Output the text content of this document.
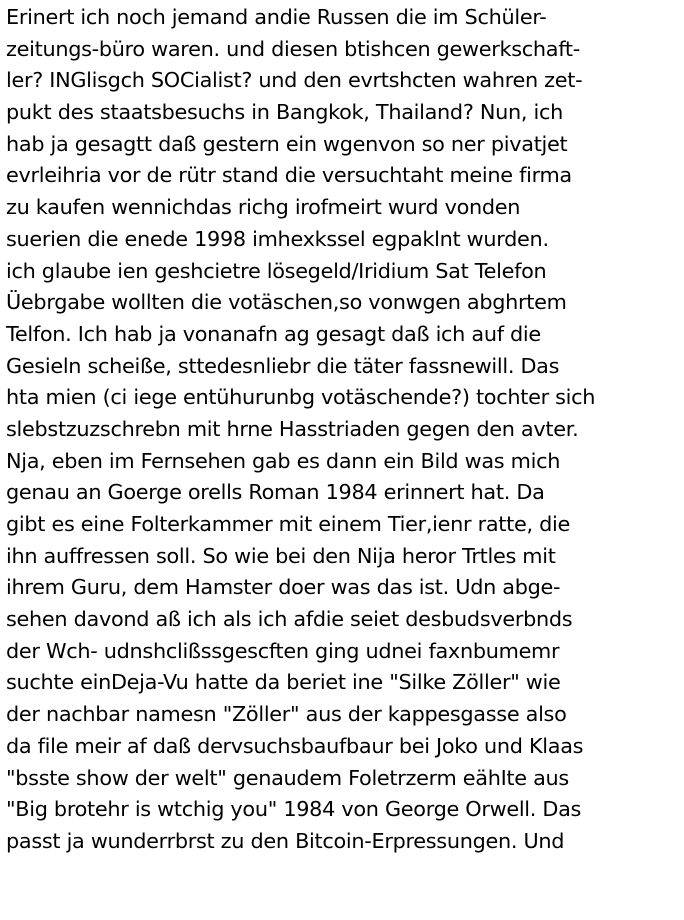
Erinert ich noch jemand andie Russen die im Schüler-
zeitungs-büro waren. und diesen btishcen gewerkschaft-
ler? INGlisgch SOCialist? und den evrtshcten wahren zet-
pukt des staatsbesuchs in Bangkok, Thailand? Nun, ich
hab ja gesagtt daß gestern ein wgenvon so ner pivatjet
evrleihria vor de rütr stand die versuchtaht meine firma
zu kaufen wennichdas richg irofmeirt wurd vonden
suerien die enede 1998 imhexkssel egpaklnt wurden.
ich glaube ien geshcietre lösegeld/Iridium Sat Telefon
Üebrgabe wollten die votäschen,so vonwgen abghrtem
Telfon. Ich hab ja vonanafn ag gesagt daß ich auf die
Gesieln scheiße, sttedesnliebr die täter fassnewill. Das
hta mien (ci iege entühurunbg votäschende?) tochter sich
slebstzuzschrebn mit hrne Hasstriaden gegen den avter.
Nja, eben im Fernsehen gab es dann ein Bild was mich
genau an Goerge orells Roman 1984 erinnert hat. Da
gibt es eine Folterkammer mit einem Tier,ienr ratte, die
ihn auffressen soll. So wie bei den Nija heror Trtles mit
ihrem Guru, dem Hamster doer was das ist. Udn abge-
sehen davond aß ich als ich afdie seiet desbudsverbnds
der Wch- udnshclißssgescften ging udnei faxnbumemr
suchte einDeja-Vu hatte da beriet ine "Silke Zöller" wie
der nachbar namesn "Zöller" aus der kappesgasse also
da file meir af daß dervsuchsbaufbaur bei Joko und Klaas
"bsste show der welt" genaudem Foletrzerm eähIte aus
"Big brotehr is wtchig you" 1984 von George Orwell. Das
passt ja wunderrbrst zu den Bitcoin-Erpressungen. Und
